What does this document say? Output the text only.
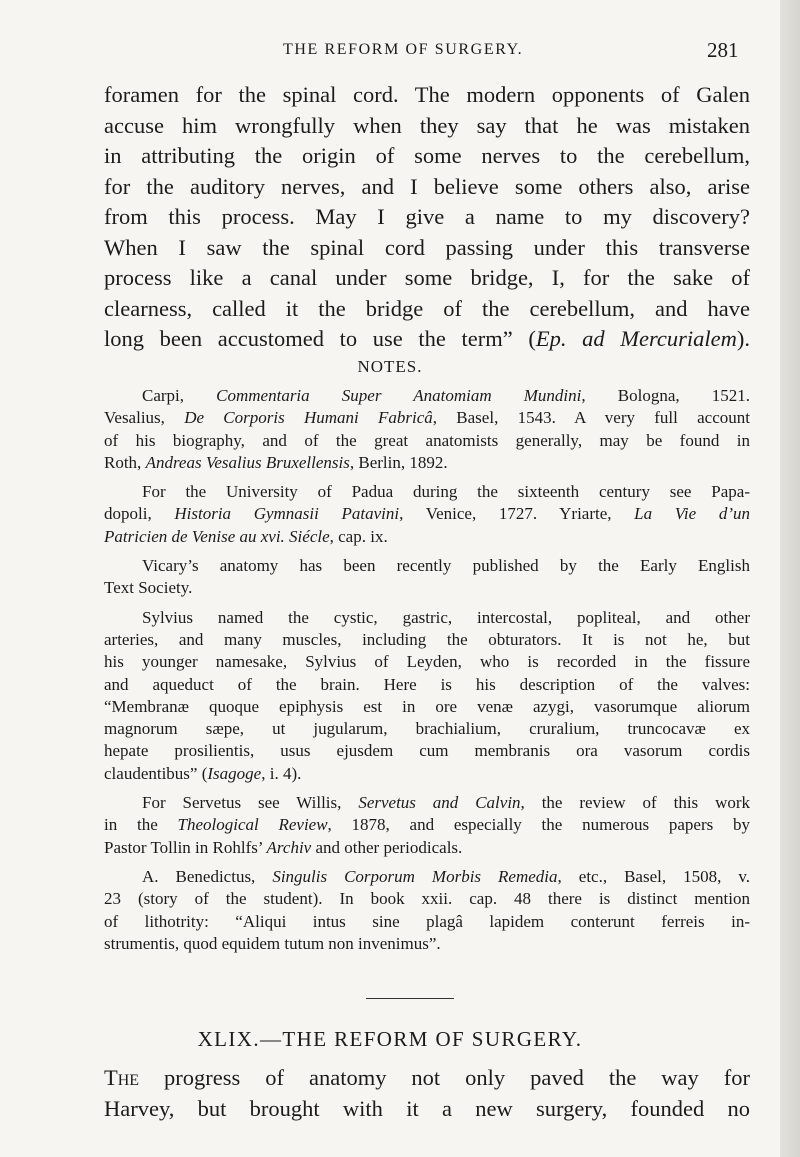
THE REFORM OF SURGERY.	281

foramen for the spinal cord. The modern opponents of Galen

accuse him wrongfully when they say that he was mistaken

in attributing the origin of some nerves to the cerebellum,

for the auditory nerves, and I believe some others also, arise

from this process. May I give a name to my discovery?

When I saw the spinal cord passing under this transverse

process like a canal under some bridge, I, for the sake of

clearness, called it the bridge of the cerebellum, and have

long been accustomed to use the term” (Ep. ad Mercurialem).

NOTES.
Carpi, Commentaria Super Anatomiam Mundini, Bologna, 1521.
Vesalius, De Corporis Humani Fabricâ, Basel, 1543. A very full account
of his biography, and of the great anatomists generally, may be found in
Roth, Andreas Vesalius Bruxellensis, Berlin, 1892.
For the University of Padua during the sixteenth century see Papa-
dopoli, Historia Gymnasii Patavini, Venice, 1727. Yriarte, La Vie d’un
Patricien de Venise au xvi. Siécle, cap. ix.
Vicary’s anatomy has been recently published by the Early English
Text Society.
Sylvius named the cystic, gastric, intercostal, popliteal, and other
arteries, and many muscles, including the obturators. It is not he, but
his younger namesake, Sylvius of Leyden, who is recorded in the fissure
and aqueduct of the brain. Here is his description of the valves:
“Membranæ quoque epiphysis est in ore venæ azygi, vasorumque aliorum
magnorum sæpe, ut jugularum, brachialium, cruralium, truncocavæ ex
hepate prosilientis, usus ejusdem cum membranis ora vasorum cordis
claudentibus” (Isagoge, i. 4).
For Servetus see Willis, Servetus and Calvin, the review of this work
in the Theological Review, 1878, and especially the numerous papers by
Pastor Tollin in Rohlfs’ Archiv and other periodicals.
A. Benedictus, Singulis Corporum Morbis Remedia, etc., Basel, 1508, v.
23 (story of the student). In book xxii. cap. 48 there is distinct mention
of lithotrity: “Aliqui intus sine plagâ lapidem conterunt ferreis in-
strumentis, quod equidem tutum non invenimus”.
XLIX.—THE REFORM OF SURGERY.
The progress of anatomy not only paved the way for
Harvey, but brought with it a new surgery, founded no
